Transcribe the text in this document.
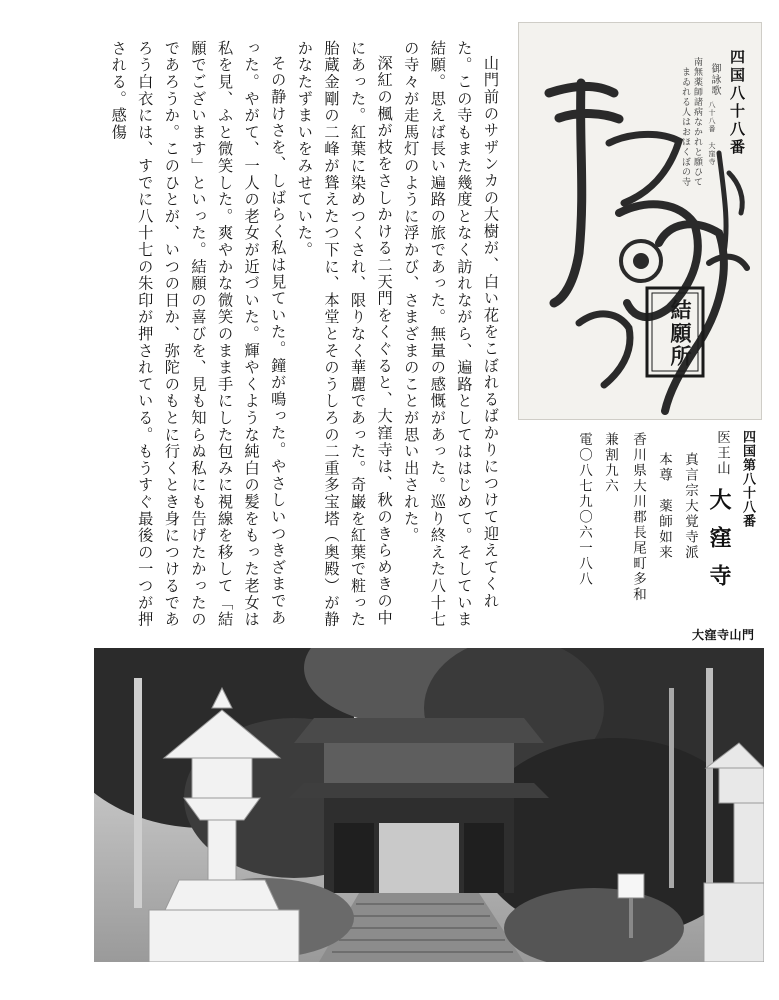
山門前のサザンカの大樹が、白い花をこぼれるばかりにつけて迎えてくれた。この寺もまた幾度となく訪れながら、遍路としてははじめて。そしていま結願。思えば長い遍路の旅であった。無量の感慨があった。巡り終えた八十七の寺々が走馬灯のように浮かび、さまざまのことが思い出された。

深紅の楓が枝をさしかける二天門をくぐると、大窪寺は、秋のきらめきの中にあった。紅葉に染めつくされ、限りなく華麗であった。奇巌を紅葉で粧った胎蔵金剛の二峰が聳えたつ下に、本堂とそのうしろの二重多宝塔（奥殿）が静かなたずまいをみせていた。

その静けさを、しばらく私は見ていた。鐘が鳴った。やさしいつきざまであった。やがて、一人の老女が近づいた。輝やくような純白の髪をもった老女は私を見、ふと微笑した。爽やかな微笑のまま手にした包みに視線を移して「結願でございます」といった。結願の喜びを、見も知らぬ私にも告げたかったのであろうか。このひとが、いつの日か、弥陀のもとに行くとき身につけるであろう白衣には、すでに八十七の朱印が押されている。もうすぐ最後の一つが押される。感傷	四国八十八番
御詠歌
八十八番 大窪寺
南無薬師諸病なかれと願ひて
まゐれる人はおほくぼの寺
結願所
四国第八十八番
医王山
大窪寺
真言宗大覚寺派
本尊　薬師如来
香川県大川郡長尾町多和
兼割九六
電〇八七九〇六一八八
大窪寺山門
